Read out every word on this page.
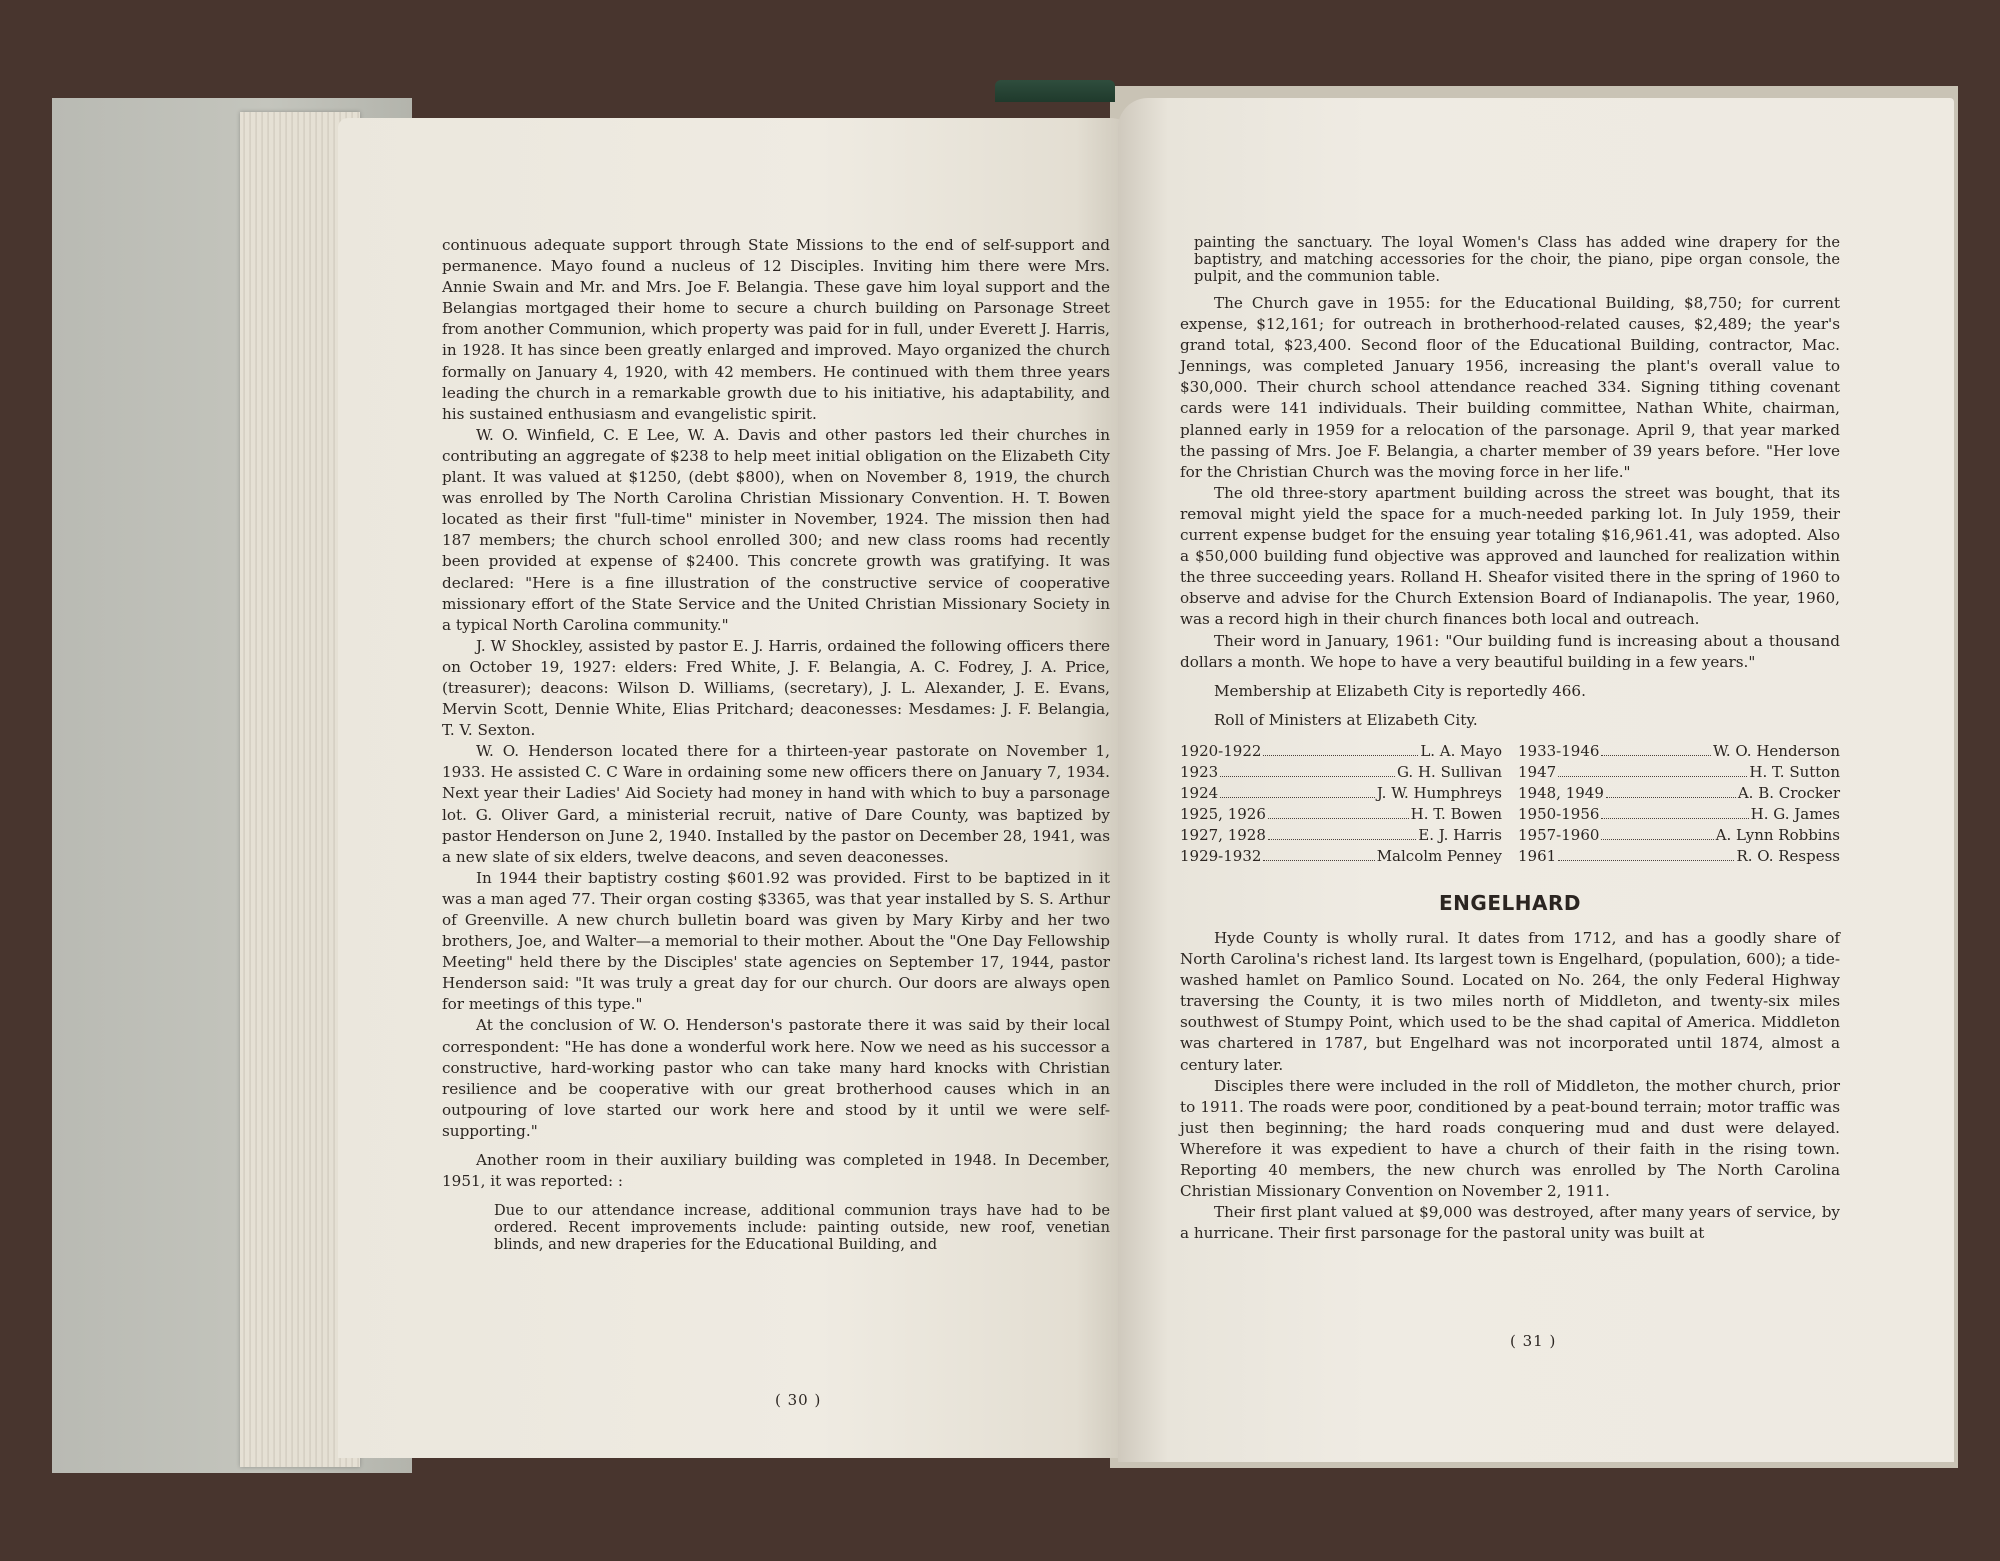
continuous adequate support through State Missions to the end of self-support and permanence. Mayo found a nucleus of 12 Disciples. Inviting him there were Mrs. Annie Swain and Mr. and Mrs. Joe F. Belangia. These gave him loyal support and the Belangias mortgaged their home to secure a church building on Parsonage Street from another Communion, which property was paid for in full, under Everett J. Harris, in 1928. It has since been greatly enlarged and improved. Mayo organized the church formally on January 4, 1920, with 42 members. He continued with them three years leading the church in a remarkable growth due to his initiative, his adaptability, and his sustained enthusiasm and evangelistic spirit.

W. O. Winfield, C. E Lee, W. A. Davis and other pastors led their churches in contributing an aggregate of $238 to help meet initial obligation on the Elizabeth City plant. It was valued at $1250, (debt $800), when on November 8, 1919, the church was enrolled by The North Carolina Christian Missionary Convention. H. T. Bowen located as their first "full-time" minister in November, 1924. The mission then had 187 members; the church school enrolled 300; and new class rooms had recently been provided at expense of $2400. This concrete growth was gratifying. It was declared: "Here is a fine illustration of the constructive service of cooperative missionary effort of the State Service and the United Christian Missionary Society in a typical North Carolina community."

J. W Shockley, assisted by pastor E. J. Harris, ordained the following officers there on October 19, 1927: elders: Fred White, J. F. Belangia, A. C. Fodrey, J. A. Price, (treasurer); deacons: Wilson D. Williams, (secretary), J. L. Alexander, J. E. Evans, Mervin Scott, Dennie White, Elias Pritchard; deaconesses: Mesdames: J. F. Belangia, T. V. Sexton.

W. O. Henderson located there for a thirteen-year pastorate on November 1, 1933. He assisted C. C Ware in ordaining some new officers there on January 7, 1934. Next year their Ladies' Aid Society had money in hand with which to buy a parsonage lot. G. Oliver Gard, a ministerial recruit, native of Dare County, was baptized by pastor Henderson on June 2, 1940. Installed by the pastor on December 28, 1941, was a new slate of six elders, twelve deacons, and seven deaconesses.

In 1944 their baptistry costing $601.92 was provided. First to be baptized in it was a man aged 77. Their organ costing $3365, was that year installed by S. S. Arthur of Greenville. A new church bulletin board was given by Mary Kirby and her two brothers, Joe, and Walter—a memorial to their mother. About the "One Day Fellowship Meeting" held there by the Disciples' state agencies on September 17, 1944, pastor Henderson said: "It was truly a great day for our church. Our doors are always open for meetings of this type."

At the conclusion of W. O. Henderson's pastorate there it was said by their local correspondent: "He has done a wonderful work here. Now we need as his successor a constructive, hard-working pastor who can take many hard knocks with Christian resilience and be cooperative with our great brotherhood causes which in an outpouring of love started our work here and stood by it until we were self-supporting."

Another room in their auxiliary building was completed in 1948. In December, 1951, it was reported: :

Due to our attendance increase, additional communion trays have had to be ordered. Recent improvements include: painting outside, new roof, venetian blinds, and new draperies for the Educational Building, and

( 30 )

painting the sanctuary. The loyal Women's Class has added wine drapery for the baptistry, and matching accessories for the choir, the piano, pipe organ console, the pulpit, and the communion table.

The Church gave in 1955: for the Educational Building, $8,750; for current expense, $12,161; for outreach in brotherhood-related causes, $2,489; the year's grand total, $23,400. Second floor of the Educational Building, contractor, Mac. Jennings, was completed January 1956, increasing the plant's overall value to $30,000. Their church school attendance reached 334. Signing tithing covenant cards were 141 individuals. Their building committee, Nathan White, chairman, planned early in 1959 for a relocation of the parsonage. April 9, that year marked the passing of Mrs. Joe F. Belangia, a charter member of 39 years before. "Her love for the Christian Church was the moving force in her life."

The old three-story apartment building across the street was bought, that its removal might yield the space for a much-needed parking lot. In July 1959, their current expense budget for the ensuing year totaling $16,961.41, was adopted. Also a $50,000 building fund objective was approved and launched for realization within the three succeeding years. Rolland H. Sheafor visited there in the spring of 1960 to observe and advise for the Church Extension Board of Indianapolis. The year, 1960, was a record high in their church finances both local and outreach.

Their word in January, 1961: "Our building fund is increasing about a thousand dollars a month. We hope to have a very beautiful building in a few years."

Membership at Elizabeth City is reportedly 466.

Roll of Ministers at Elizabeth City.

1920-1922	L. A. Mayo
1923	G. H. Sullivan
1924	J. W. Humphreys
1925, 1926	H. T. Bowen
1927, 1928	E. J. Harris
1929-1932	Malcolm Penney
1933-1946	W. O. Henderson
1947	H. T. Sutton
1948, 1949	A. B. Crocker
1950-1956	H. G. James
1957-1960	A. Lynn Robbins
1961	R. O. Respess
ENGELHARD

Hyde County is wholly rural. It dates from 1712, and has a goodly share of North Carolina's richest land. Its largest town is Engelhard, (population, 600); a tide-washed hamlet on Pamlico Sound. Located on No. 264, the only Federal Highway traversing the County, it is two miles north of Middleton, and twenty-six miles southwest of Stumpy Point, which used to be the shad capital of America. Middleton was chartered in 1787, but Engelhard was not incorporated until 1874, almost a century later.

Disciples there were included in the roll of Middleton, the mother church, prior to 1911. The roads were poor, conditioned by a peat-bound terrain; motor traffic was just then beginning; the hard roads conquering mud and dust were delayed. Wherefore it was expedient to have a church of their faith in the rising town. Reporting 40 members, the new church was enrolled by The North Carolina Christian Missionary Convention on November 2, 1911.

Their first plant valued at $9,000 was destroyed, after many years of service, by a hurricane. Their first parsonage for the pastoral unity was built at

( 31 )
